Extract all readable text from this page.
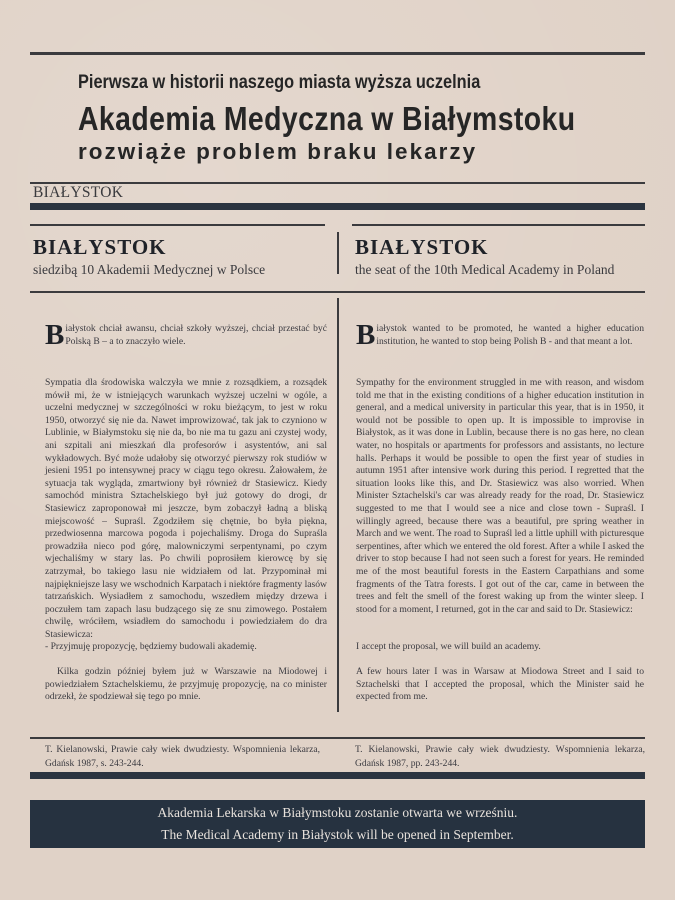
Pierwsza w historii naszego miasta wyższa uczelnia
Akademia Medyczna w Białymstoku
rozwiąże problem braku lekarzy
BIAŁYSTOK
BIAŁYSTOK
siedzibą 10 Akademii Medycznej w Polsce
BIAŁYSTOK
the seat of the 10th Medical Academy in Poland
B iałystok chciał awansu, chciał szkoły wyższej, chciał przestać być Polską B – a to znaczyło wiele.

Sympatia dla środowiska walczyła we mnie z rozsądkiem, a rozsądek mówił mi, że w istniejących warunkach wyższej uczelni w ogóle, a uczelni medycznej w szczególności w roku bieżącym, to jest w roku 1950, otworzyć się nie da. Nawet improwizować, tak jak to czyniono w Lublinie, w Białymstoku się nie da, bo nie ma tu gazu ani czystej wody, ani szpitali ani mieszkań dla profesorów i asystentów, ani sal wykładowych. Być może udałoby się otworzyć pierwszy rok studiów w jesieni 1951 po intensywnej pracy w ciągu tego okresu. Żałowałem, że sytuacja tak wygląda, zmartwiony był również dr Stasiewicz. Kiedy samochód ministra Sztachelskiego był już gotowy do drogi, dr Stasiewicz zaproponował mi jeszcze, bym zobaczył ładną a bliską miejscowość – Supraśl. Zgodziłem się chętnie, bo była piękna, przedwiosenna marcowa pogoda i pojechaliśmy. Droga do Supraśla prowadziła nieco pod górę, malowniczymi serpentynami, po czym wjechaliśmy w stary las. Po chwili poprosiłem kierowcę by się zatrzymał, bo takiego lasu nie widziałem od lat. Przypominał mi najpiękniejsze lasy we wschodnich Karpatach i niektóre fragmenty lasów tatrzańskich. Wysiadłem z samochodu, wszedłem między drzewa i poczułem tam zapach lasu budzącego się ze snu zimowego. Postałem chwilę, wróciłem, wsiadłem do samochodu i powiedziałem do dra Stasiewicza:

- Przyjmuję propozycję, będziemy budowali akademię.
Kilka godzin później byłem już w Warszawie na Miodowej i powiedziałem Sztachelskiemu, że przyjmuję propozycję, na co minister odrzekł, że spodziewał się tego po mnie.
B iałystok wanted to be promoted, he wanted a higher education institution, he wanted to stop being Polish B - and that meant a lot.

Sympathy for the environment struggled in me with reason, and wisdom told me that in the existing conditions of a higher education institution in general, and a medical university in particular this year, that is in 1950, it would not be possible to open up. It is impossible to improvise in Białystok, as it was done in Lublin, because there is no gas here, no clean water, no hospitals or apartments for professors and assistants, no lecture halls. Perhaps it would be possible to open the first year of studies in autumn 1951 after intensive work during this period. I regretted that the situation looks like this, and Dr. Stasiewicz was also worried. When Minister Sztachelski's car was already ready for the road, Dr. Stasiewicz suggested to me that I would see a nice and close town - Supraśl. I willingly agreed, because there was a beautiful, pre spring weather in March and we went. The road to Supraśl led a little uphill with picturesque serpentines, after which we entered the old forest. After a while I asked the driver to stop because I had not seen such a forest for years. He reminded me of the most beautiful forests in the Eastern Carpathians and some fragments of the Tatra forests. I got out of the car, came in between the trees and felt the smell of the forest waking up from the winter sleep. I stood for a moment, I returned, got in the car and said to Dr. Stasiewicz:

I accept the proposal, we will build an academy.
A few hours later I was in Warsaw at Miodowa Street and I said to Sztachelski that I accepted the proposal, which the Minister said he expected from me.
T. Kielanowski, Prawie cały wiek dwudziesty. Wspomnienia lekarza, Gdańsk 1987, s. 243-244.
T. Kielanowski, Prawie cały wiek dwudziesty. Wspomnienia lekarza, Gdańsk 1987, pp. 243-244.
Akademia Lekarska w Białymstoku zostanie otwarta we wrześniu.
The Medical Academy in Białystok will be opened in September.
